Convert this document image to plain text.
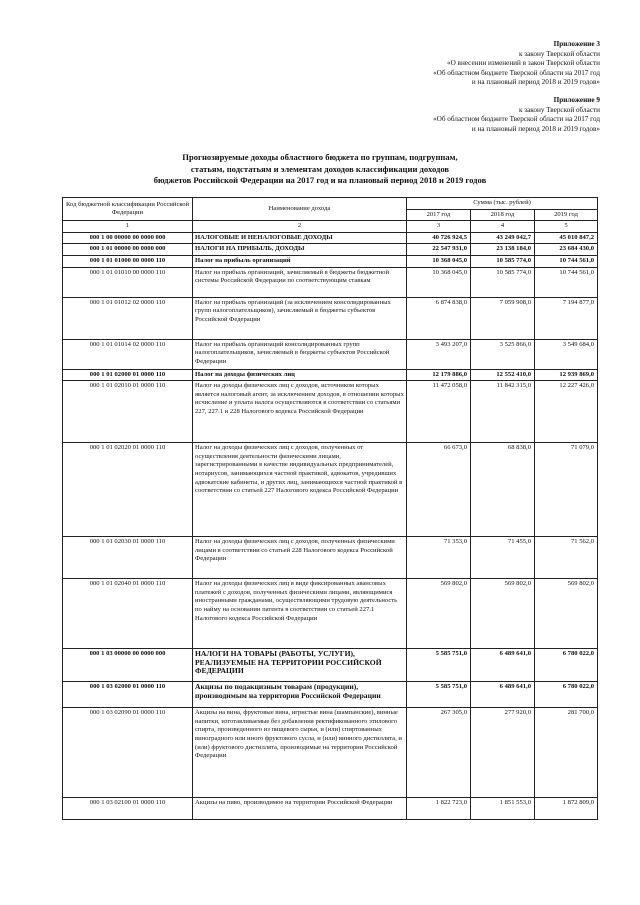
Приложение 3
к закону Тверской области
«О внесении изменений в закон Тверской области
«Об областном бюджете Тверской области на 2017 год
и на плановый период 2018 и 2019 годов»
Приложение 9
к закону Тверской области
«Об областном бюджете Тверской области на 2017 год
и на плановый период 2018 и 2019 годов»
Прогнозируемые доходы областного бюджета по группам, подгруппам,
статьям, подстатьям и элементам доходов классификации доходов
бюджетов Российской Федерации на 2017 год и на плановый период 2018 и 2019 годов
Код бюджетной классификации Российской Федерации	Наименование дохода	Сумма (тыс. рублей)		
		2017 год	2018 год	2019 год
1	2	3	4	5
000 1 00 00000 00 0000 000	НАЛОГОВЫЕ И НЕНАЛОГОВЫЕ ДОХОДЫ	40 726 924,5	43 249 042,7	45 010 847,2
000 1 01 00000 00 0000 000	НАЛОГИ НА ПРИБЫЛЬ, ДОХОДЫ	22 547 931,0	23 138 184,0	23 684 430,0
000 1 01 01000 00 0000 110	Налог на прибыль организаций	10 368 045,0	10 585 774,0	10 744 561,0
000 1 01 01010 00 0000 110	Налог на прибыль организаций, зачисляемый в бюджеты бюджетной системы Российской Федерации по соответствующим ставкам	10 368 045,0	10 585 774,0	10 744 561,0
000 1 01 01012 02 0000 110	Налог на прибыль организаций (за исключением консолидированных групп налогоплательщиков), зачисляемый в бюджеты субъектов Российской Федерации	6 874 838,0	7 059 908,0	7 194 877,0
000 1 01 01014 02 0000 110	Налог на прибыль организаций консолидированных групп налогоплательщиков, зачисляемый в бюджеты субъектов Российской Федерации	3 493 207,0	3 525 866,0	3 549 684,0
000 1 01 02000 01 0000 110	Налог на доходы физических лиц	12 179 886,0	12 552 410,0	12 939 869,0
000 1 01 02010 01 0000 110	Налог на доходы физических лиц с доходов, источником которых является налоговый агент, за исключением доходов, в отношении которых исчисление и уплата налога осуществляются в соответствии со статьями 227, 227.1 и 228 Налогового кодекса Российской Федерации	11 472 058,0	11 842 315,0	12 227 426,0
000 1 01 02020 01 0000 110	Налог на доходы физических лиц с доходов, полученных от осуществления деятельности физическими лицами, зарегистрированными в качестве индивидуальных предпринимателей, нотариусов, занимающихся частной практикой, адвокатов, учредивших адвокатские кабинеты, и других лиц, занимающихся частной практикой в соответствии со статьей 227 Налогового кодекса Российской Федерации	66 673,0	68 838,0	71 079,0
000 1 01 02030 01 0000 110	Налог на доходы физических лиц с доходов, полученных физическими лицами в соответствии со статьей 228 Налогового кодекса Российской Федерации	71 353,0	71 455,0	71 562,0
000 1 01 02040 01 0000 110	Налог на доходы физических лиц в виде фиксированных авансовых платежей с доходов, полученных физическими лицами, являющимися иностранными гражданами, осуществляющими трудовую деятельность по найму на основании патента в соответствии со статьей 227.1 Налогового кодекса Российской Федерации	569 802,0	569 802,0	569 802,0
000 1 03 00000 00 0000 000	НАЛОГИ НА ТОВАРЫ (РАБОТЫ, УСЛУГИ), РЕАЛИЗУЕМЫЕ НА ТЕРРИТОРИИ РОССИЙСКОЙ ФЕДЕРАЦИИ	5 585 751,0	6 489 641,0	6 780 022,0
000 1 03 02000 01 0000 110	Акцизы по подакцизным товарам (продукции), производимым на территории Российской Федерации	5 585 751,0	6 489 641,0	6 780 022,0
000 1 03 02090 01 0000 110	Акцизы на вина, фруктовые вина, игристые вина (шампанские), винные напитки, изготавливаемые без добавления ректификованного этилового спирта, произведенного из пищевого сырья, и (или) спиртованных виноградного или иного фруктового сусла, и (или) винного дистиллята, и (или) фруктового дистиллята, производимые на территории Российской Федерации	267 305,0	277 920,0	281 700,0
000 1 03 02100 01 0000 110	Акцизы на пиво, производимое на территории Российской Федерации	1 822 723,0	1 851 553,0	1 872 809,0
